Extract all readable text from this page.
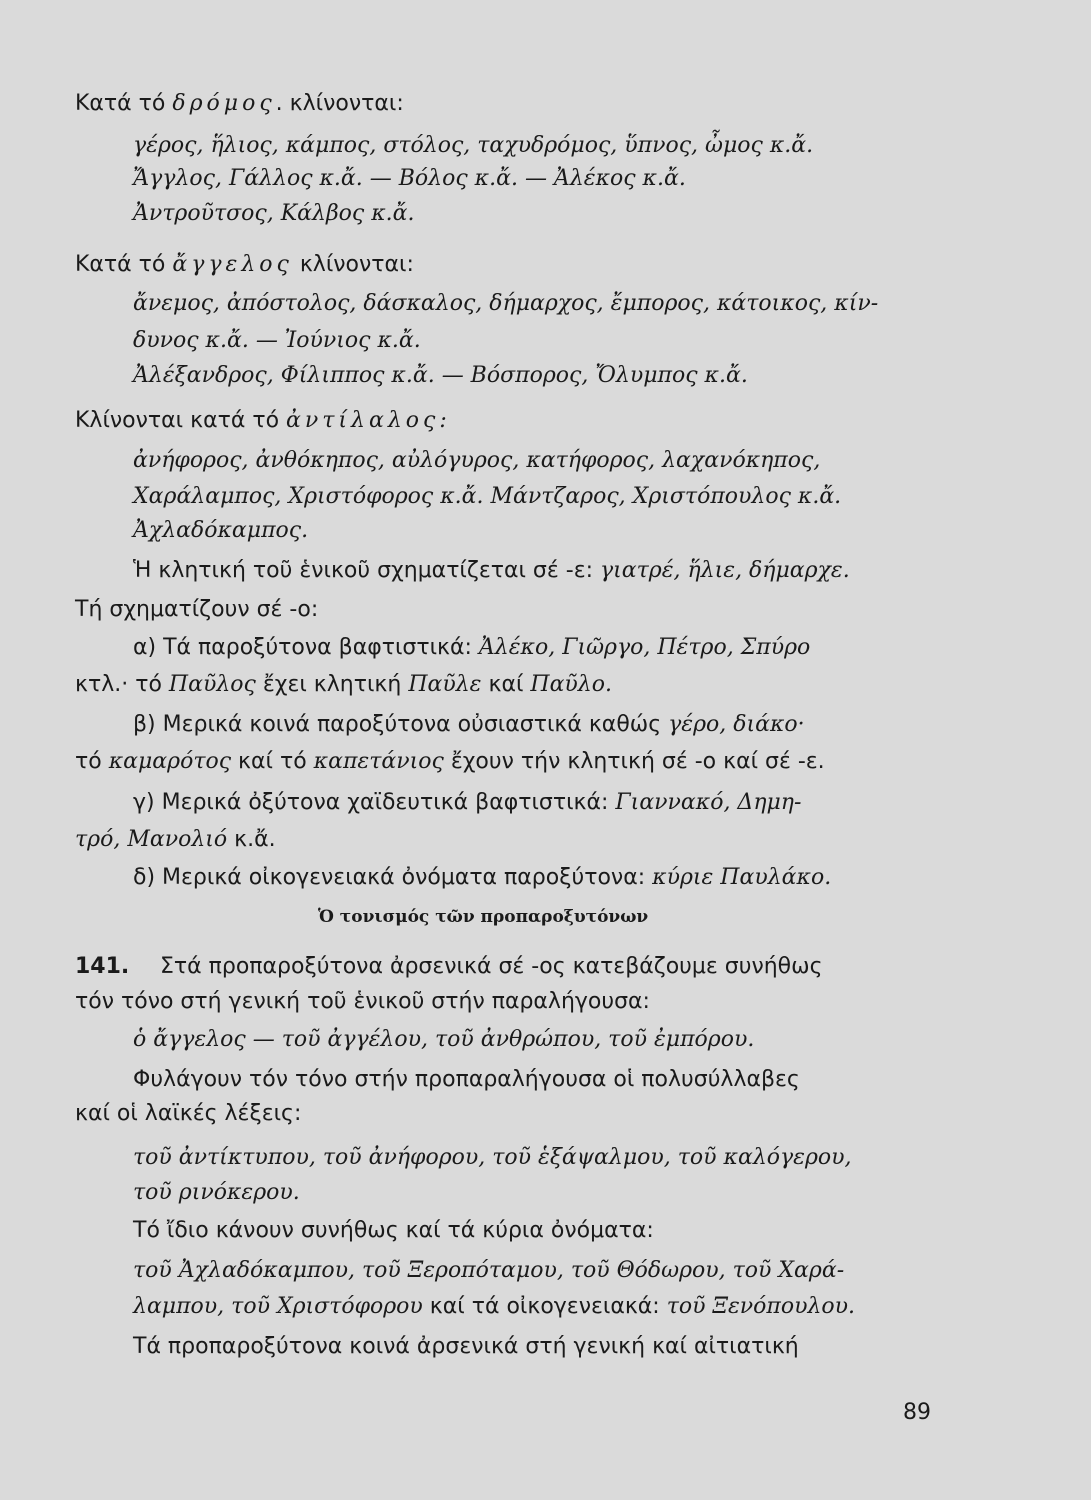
Κατά τό δρόμος. κλίνονται:
γέρος, ἥλιος, κάμπος, στόλος, ταχυδρόμος, ὕπνος, ὦμος κ.ἄ.
Ἄγγλος, Γάλλος κ.ἄ. — Βόλος κ.ἄ. — Ἀλέκος κ.ἄ.
Ἀντροῦτσος, Κάλβος κ.ἄ.
Κατά τό ἄγγελος κλίνονται:
ἄνεμος, ἀπόστολος, δάσκαλος, δήμαρχος, ἔμπορος, κάτοικος, κίν-
δυνος κ.ἄ. — Ἰούνιος κ.ἄ.
Ἀλέξανδρος, Φίλιππος κ.ἄ. — Βόσπορος, Ὄλυμπος κ.ἄ.
Κλίνονται κατά τό ἀντίλαλος:
ἀνήφορος, ἀνθόκηπος, αὐλόγυρος, κατήφορος, λαχανόκηπος,
Χαράλαμπος, Χριστόφορος κ.ἄ. Μάντζαρος, Χριστόπουλος κ.ἄ.
Ἀχλαδόκαμπος.
Ἡ κλητική τοῦ ἑνικοῦ σχηματίζεται σέ -ε: γιατρέ, ἥλιε, δήμαρχε.
Τή σχηματίζουν σέ -ο:
α) Τά παροξύτονα βαφτιστικά: Ἀλέκο, Γιῶργο, Πέτρο, Σπύρο
κτλ.· τό Παῦλος ἔχει κλητική Παῦλε καί Παῦλο.
β) Μερικά κοινά παροξύτονα οὐσιαστικά καθώς γέρο, διάκο·
τό καμαρότος καί τό καπετάνιος ἔχουν τήν κλητική σέ -ο καί σέ -ε.
γ) Μερικά ὀξύτονα χαϊδευτικά βαφτιστικά: Γιαννακό, Δημη-
τρό, Μανολιό κ.ἄ.
δ) Μερικά οἰκογενειακά ὀνόματα παροξύτονα: κύριε Παυλάκο.
Ὁ τονισμός τῶν προπαροξυτόνων
141. Στά προπαροξύτονα ἀρσενικά σέ -ος κατεβάζουμε συνήθως
τόν τόνο στή γενική τοῦ ἑνικοῦ στήν παραλήγουσα:
ὁ ἄγγελος — τοῦ ἀγγέλου, τοῦ ἀνθρώπου, τοῦ ἐμπόρου.
Φυλάγουν τόν τόνο στήν προπαραλήγουσα οἱ πολυσύλλαβες
καί οἱ λαϊκές λέξεις:
τοῦ ἀντίκτυπου, τοῦ ἀνήφορου, τοῦ ἑξάψαλμου, τοῦ καλόγερου,
τοῦ ρινόκερου.
Τό ἴδιο κάνουν συνήθως καί τά κύρια ὀνόματα:
τοῦ Ἀχλαδόκαμπου, τοῦ Ξεροπόταμου, τοῦ Θόδωρου, τοῦ Χαρά-
λαμπου, τοῦ Χριστόφορου καί τά οἰκογενειακά: τοῦ Ξενόπουλου.
Τά προπαροξύτονα κοινά ἀρσενικά στή γενική καί αἰτιατική
89
